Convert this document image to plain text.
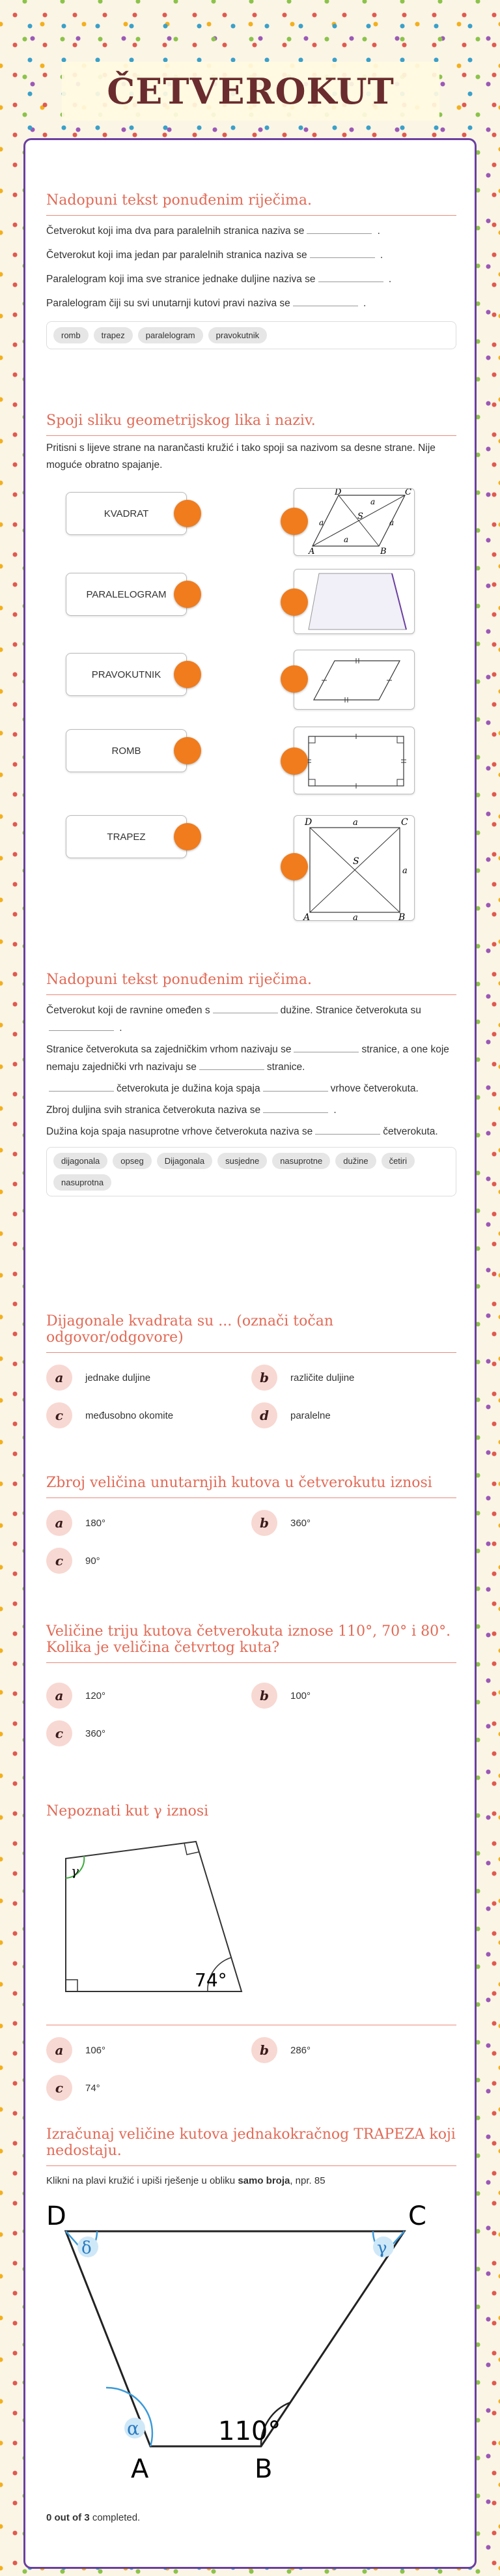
ČETVEROKUT
Nadopuni tekst ponuđenim riječima.
Četverokut koji ima dva para paralelnih stranica naziva se	.
Četverokut koji ima jedan par paralelnih stranica naziva se	.
Paralelogram koji ima sve stranice jednake duljine naziva se	.
Paralelogram čiji su svi unutarnji kutovi pravi naziva se	.
romb	trapez	paralelogram	pravokutnik
Spoji sliku geometrijskog lika i naziv.
Pritisni s lijeve strane na narančasti kružić i tako spoji sa nazivom sa desne strane. Nije moguće obratno spajanje.
KVADRAT
PARALELOGRAM
PRAVOKUTNIK
ROMB
TRAPEZ
A	B
C
D
S
a
a
a
a
D	C
A	B
S
a
a
a
Nadopuni tekst ponuđenim riječima.
Četverokut koji de ravnine omeđen s	dužine. Stranice četverokuta su .
Stranice četverokuta sa zajedničkim vrhom nazivaju se	stranice, a one koje nemaju zajednički vrh nazivaju se	stranice.
četverokuta je dužina koja spaja	vrhove četverokuta.
Zbroj duljina svih stranica četverokuta naziva se	.
Dužina koja spaja nasuprotne vrhove četverokuta naziva se	četverokuta.
dijagonala	opseg	Dijagonala	susjedne	nasuprotne	dužine	četiri
nasuprotna
Dijagonale kvadrata su ... (označi točan odgovor/odgovore)
a	jednake duljine	b	različite duljine
c	međusobno okomite	d	paralelne
Zbroj veličina unutarnjih kutova u četverokutu iznosi
a	180°	b	360°
c	90°
Veličine triju kutova četverokuta iznose 110°, 70° i 80°. Kolika je veličina četvrtog kuta?
a	120°	b	100°
c	360°
Nepoznati kut γ iznosi
γ
74°
a	106°	b	286°
c	74°
Izračunaj veličine kutova jednakokračnog TRAPEZA koji nedostaju.
Klikni na plavi kružić i upiši rješenje u obliku samo broja, npr. 85
D	C
A	B
110°
δ	γ
α
0 out of 3 completed.
